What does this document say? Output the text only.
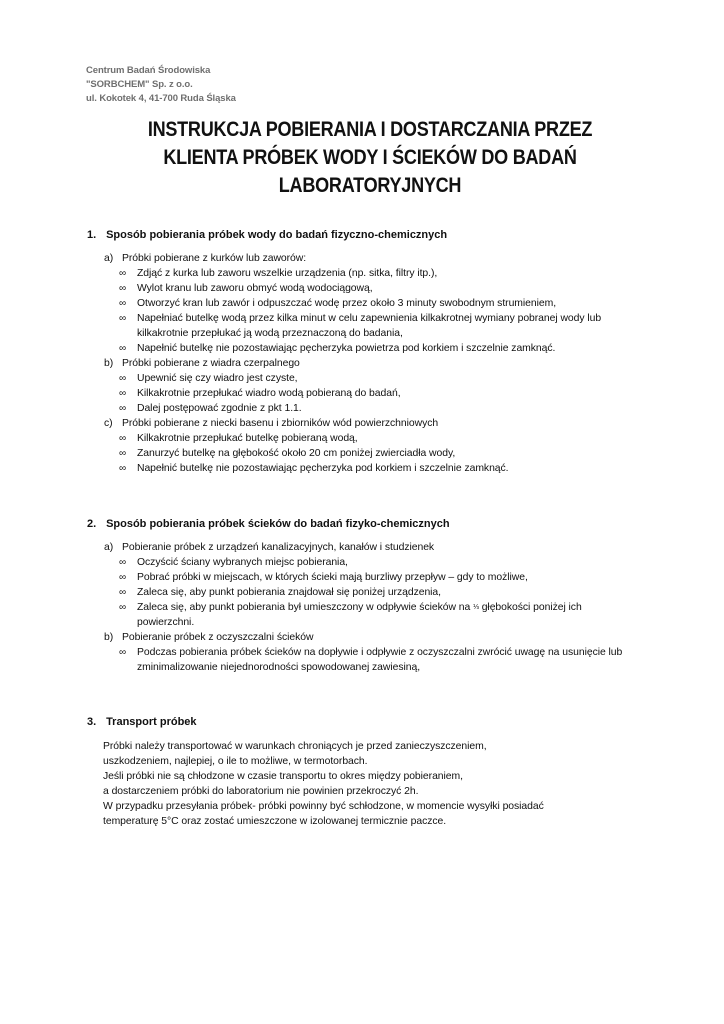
Centrum Badań Środowiska
"SORBCHEM" Sp. z o.o.
ul. Kokotek 4, 41-700 Ruda Śląska
INSTRUKCJA POBIERANIA I DOSTARCZANIA PRZEZ
KLIENTA PRÓBEK WODY I ŚCIEKÓW DO BADAŃ
LABORATORYJNYCH
1. Sposób pobierania próbek wody do badań fizyczno-chemicznych
a) Próbki pobierane z kurków lub zaworów:
∞ Zdjąć z kurka lub zaworu wszelkie urządzenia (np. sitka, filtry itp.),
∞ Wylot kranu lub zaworu obmyć wodą wodociągową,
∞ Otworzyć kran lub zawór i odpuszczać wodę przez około 3 minuty swobodnym strumieniem,
∞ Napełniać butelkę wodą przez kilka minut w celu zapewnienia kilkakrotnej wymiany pobranej wody lub
kilkakrotnie przepłukać ją wodą przeznaczoną do badania,
∞ Napełnić butelkę nie pozostawiając pęcherzyka powietrza pod korkiem i szczelnie zamknąć.
b) Próbki pobierane z wiadra czerpalnego
∞ Upewnić się czy wiadro jest czyste,
∞ Kilkakrotnie przepłukać wiadro wodą pobieraną do badań,
∞ Dalej postępować zgodnie z pkt 1.1.
c) Próbki pobierane z niecki basenu i zbiorników wód powierzchniowych
∞ Kilkakrotnie przepłukać butelkę pobieraną wodą,
∞ Zanurzyć butelkę na głębokość około 20 cm poniżej zwierciadła wody,
∞ Napełnić butelkę nie pozostawiając pęcherzyka pod korkiem i szczelnie zamknąć.
2. Sposób pobierania próbek ścieków do badań fizyko-chemicznych
a) Pobieranie próbek z urządzeń kanalizacyjnych, kanałów i studzienek
∞ Oczyścić ściany wybranych miejsc pobierania,
∞ Pobrać próbki w miejscach, w których ścieki mają burzliwy przepływ – gdy to możliwe,
∞ Zaleca się, aby punkt pobierania znajdował się poniżej urządzenia,
∞ Zaleca się, aby punkt pobierania był umieszczony w odpływie ścieków na ⅓ głębokości poniżej ich
powierzchni.
b) Pobieranie próbek z oczyszczalni ścieków
∞ Podczas pobierania próbek ścieków na dopływie i odpływie z oczyszczalni zwrócić uwagę na usunięcie lub
zminimalizowanie niejednorodności spowodowanej zawiesiną,
3. Transport próbek
Próbki należy transportować w warunkach chroniących je przed zanieczyszczeniem,
uszkodzeniem, najlepiej, o ile to możliwe, w termotorbach.
Jeśli próbki nie są chłodzone w czasie transportu to okres między pobieraniem,
a dostarczeniem próbki do laboratorium nie powinien przekroczyć 2h.
W przypadku przesyłania próbek- próbki powinny być schłodzone, w momencie wysyłki posiadać
temperaturę 5°C oraz zostać umieszczone w izolowanej termicznie paczce.
